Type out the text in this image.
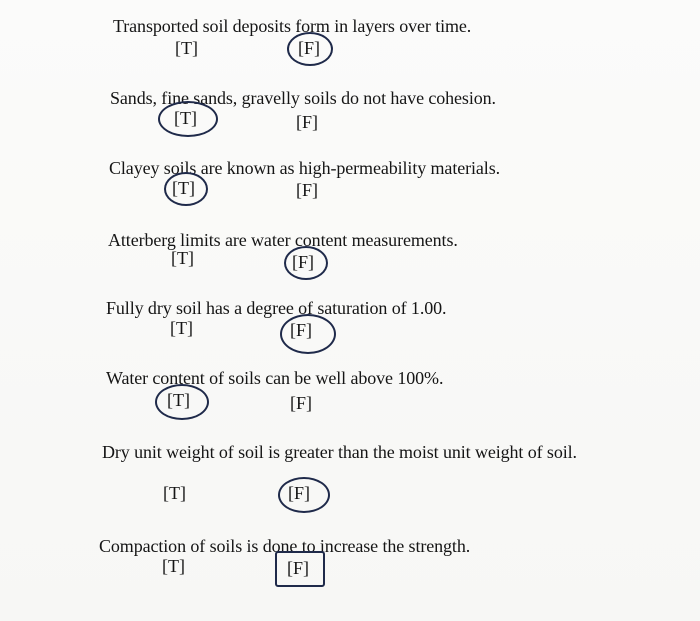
Transported soil deposits form in layers over time.
[T]	[F]
Sands, fine sands, gravelly soils do not have cohesion.
[T]	[F]
Clayey soils are known as high-permeability materials.
[T]	[F]
Atterberg limits are water content measurements.
[T]	[F]
Fully dry soil has a degree of saturation of 1.00.
[T]	[F]
Water content of soils can be well above 100%.
[T]	[F]
Dry unit weight of soil is greater than the moist unit weight of soil.
[T]	[F]
Compaction of soils is done to increase the strength.
[T]	[F]
